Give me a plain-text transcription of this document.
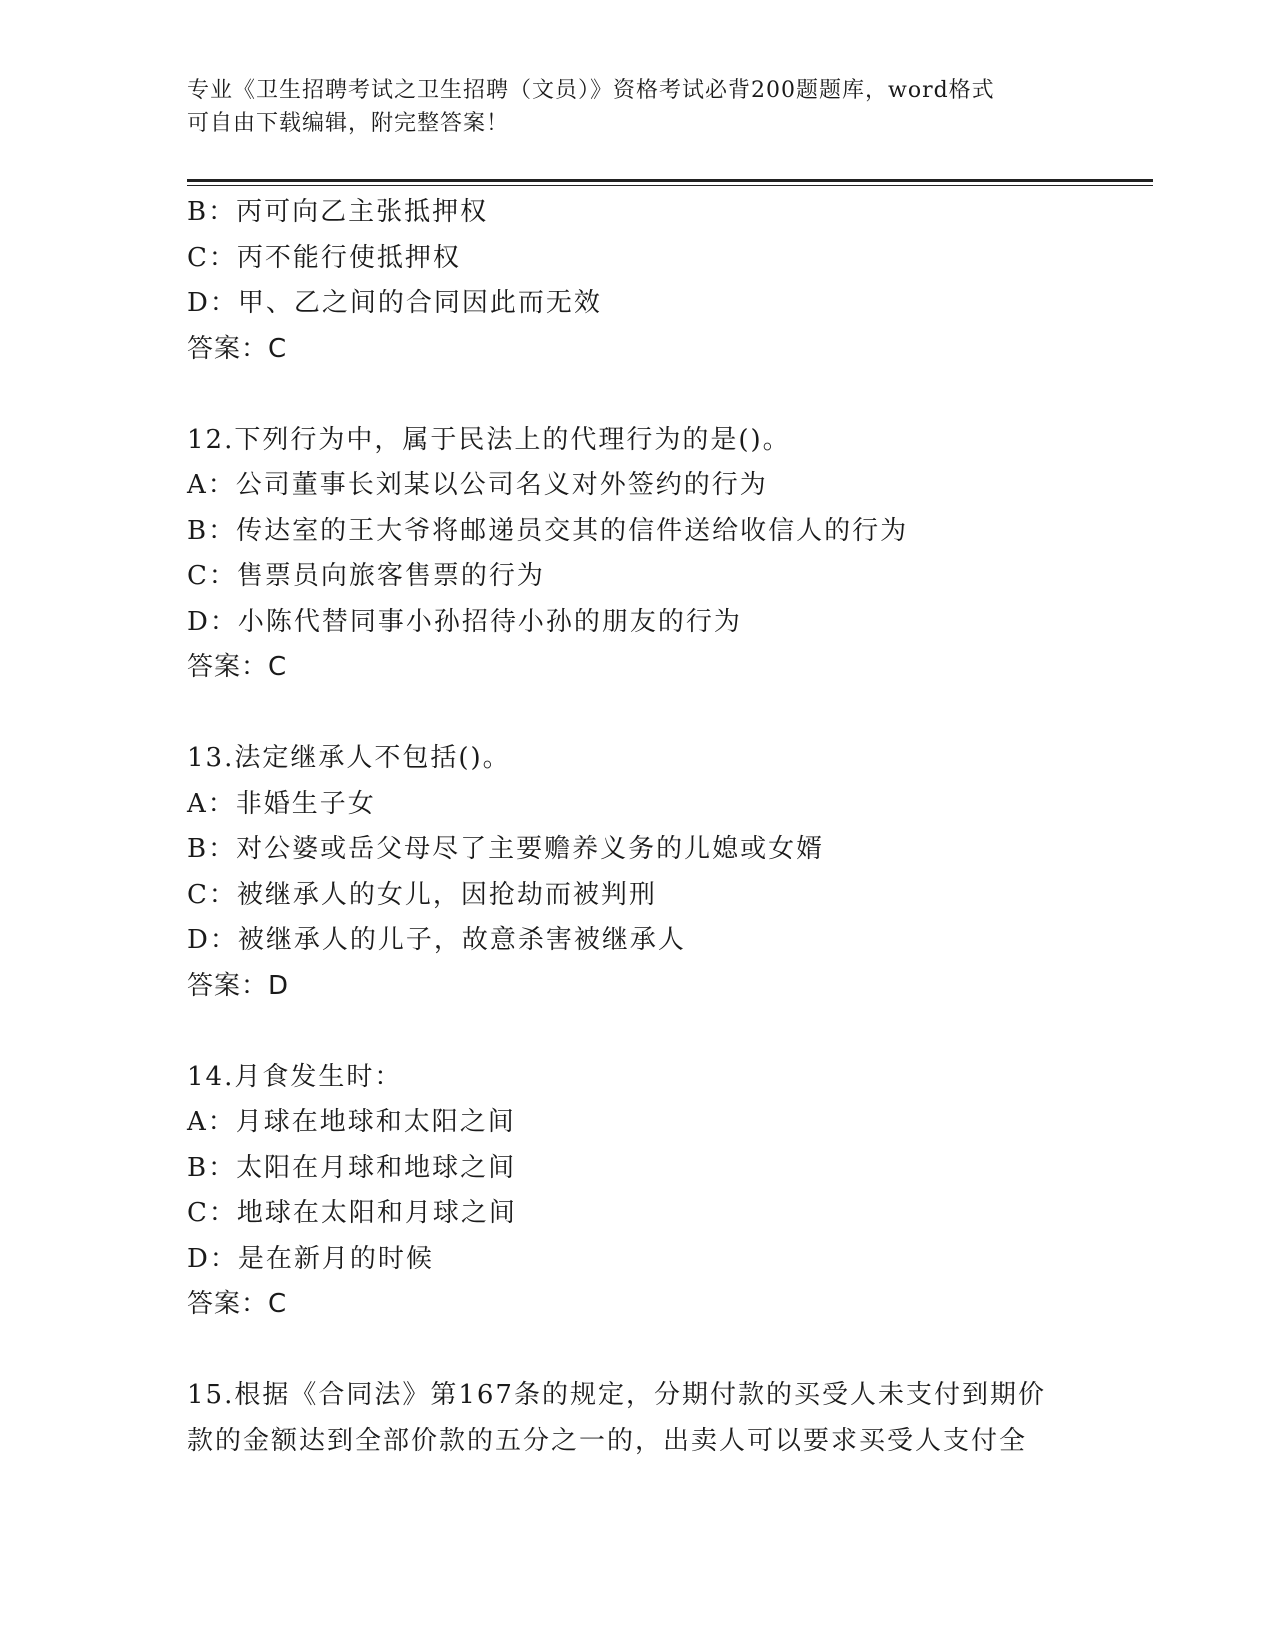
专业《卫生招聘考试之卫生招聘（文员）》资格考试必背200题题库，word格式
可自由下载编辑，附完整答案！
B：丙可向乙主张抵押权
C：丙不能行使抵押权
D：甲、乙之间的合同因此而无效
答案：C
12.下列行为中，属于民法上的代理行为的是()。
A：公司董事长刘某以公司名义对外签约的行为
B：传达室的王大爷将邮递员交其的信件送给收信人的行为
C：售票员向旅客售票的行为
D：小陈代替同事小孙招待小孙的朋友的行为
答案：C
13.法定继承人不包括()。
A：非婚生子女
B：对公婆或岳父母尽了主要赡养义务的儿媳或女婿
C：被继承人的女儿，因抢劫而被判刑
D：被继承人的儿子，故意杀害被继承人
答案：D
14.月食发生时：
A：月球在地球和太阳之间
B：太阳在月球和地球之间
C：地球在太阳和月球之间
D：是在新月的时候
答案：C
15.根据《合同法》第167条的规定，分期付款的买受人未支付到期价
款的金额达到全部价款的五分之一的，出卖人可以要求买受人支付全
